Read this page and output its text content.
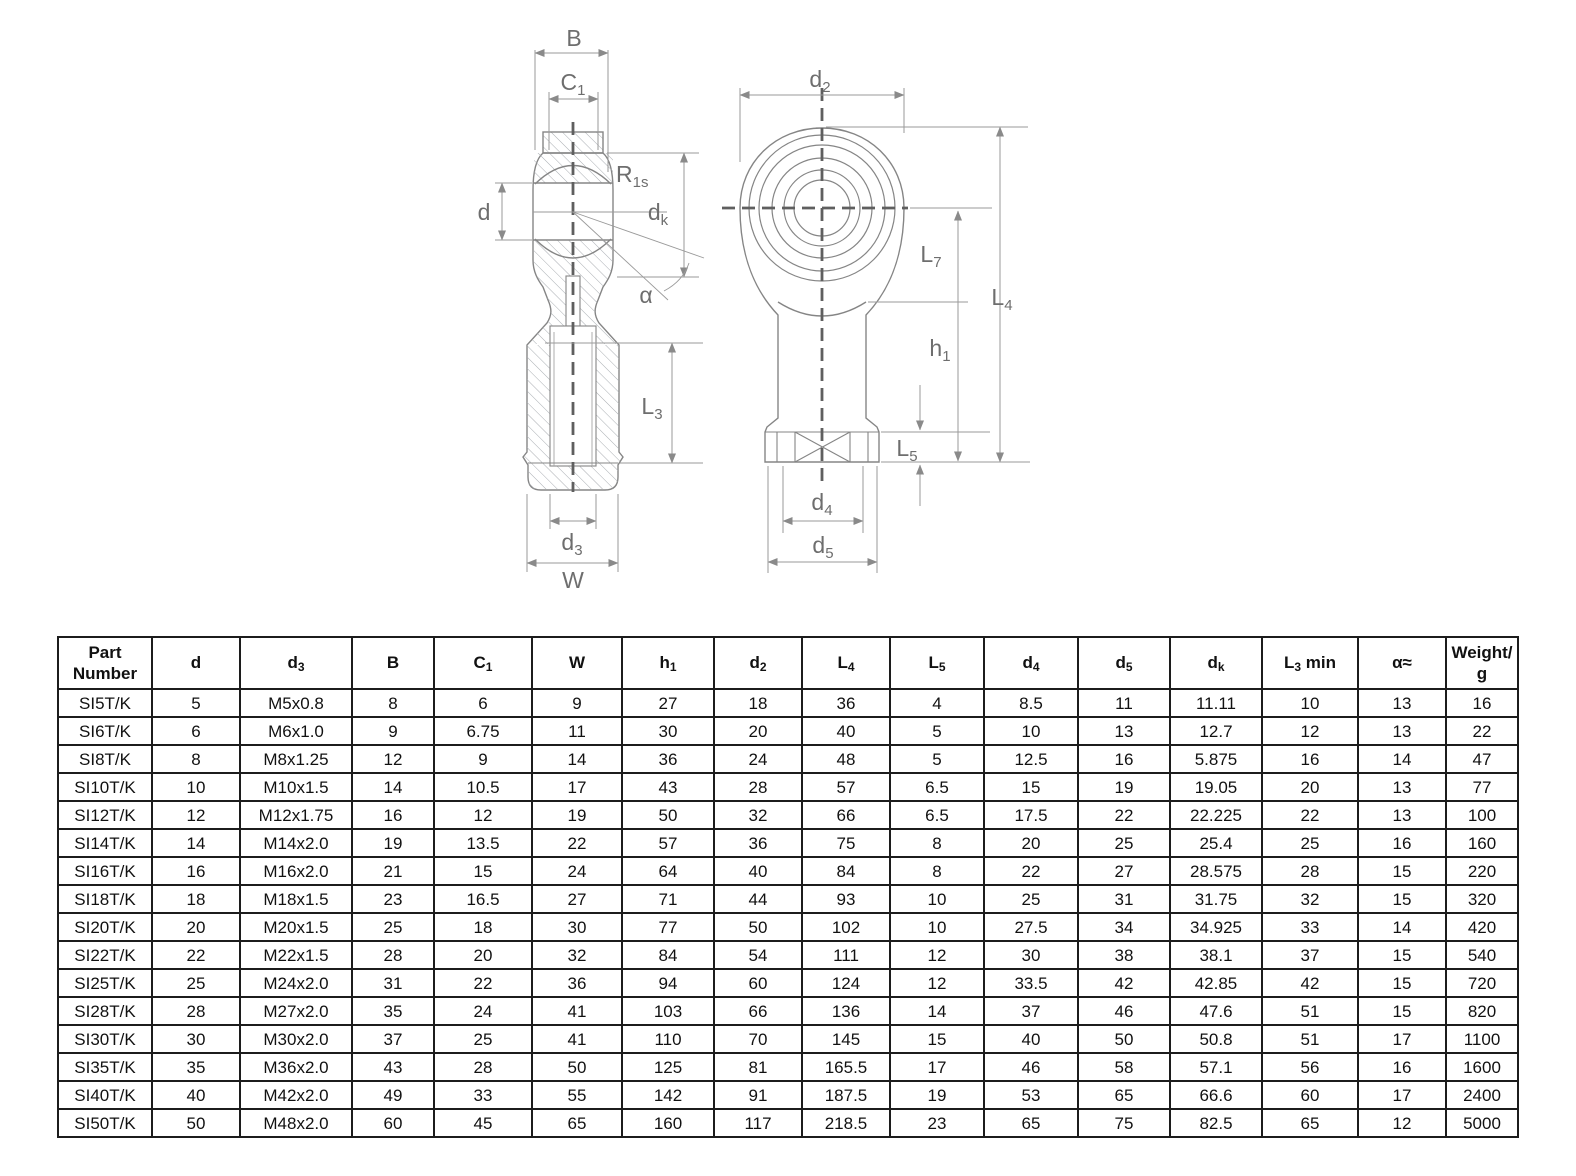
B
$C_1$
d
$R_{1s}$
$d_k$
α
$L_3$
$d_3$
W
$d_2$
$L_7$
$L_4$
$h_1$
$L_5$
$d_4$
$d_5$
Part
Number	d	$d_3$	B	$C_1$	W	$h_1$	$d_2$	$L_4$	$L_5$	$d_4$	$d_5$	$d_k$	$L_3$ min	α≈	Weight/
g

SI5T/K	5	M5x0.8	8	6	9	27	18	36	4	8.5	11	11.11	10	13	16
SI6T/K	6	M6x1.0	9	6.75	11	30	20	40	5	10	13	12.7	12	13	22
SI8T/K	8	M8x1.25	12	9	14	36	24	48	5	12.5	16	5.875	16	14	47
SI10T/K	10	M10x1.5	14	10.5	17	43	28	57	6.5	15	19	19.05	20	13	77
SI12T/K	12	M12x1.75	16	12	19	50	32	66	6.5	17.5	22	22.225	22	13	100
SI14T/K	14	M14x2.0	19	13.5	22	57	36	75	8	20	25	25.4	25	16	160
SI16T/K	16	M16x2.0	21	15	24	64	40	84	8	22	27	28.575	28	15	220
SI18T/K	18	M18x1.5	23	16.5	27	71	44	93	10	25	31	31.75	32	15	320
SI20T/K	20	M20x1.5	25	18	30	77	50	102	10	27.5	34	34.925	33	14	420
SI22T/K	22	M22x1.5	28	20	32	84	54	111	12	30	38	38.1	37	15	540
SI25T/K	25	M24x2.0	31	22	36	94	60	124	12	33.5	42	42.85	42	15	720
SI28T/K	28	M27x2.0	35	24	41	103	66	136	14	37	46	47.6	51	15	820
SI30T/K	30	M30x2.0	37	25	41	110	70	145	15	40	50	50.8	51	17	1100
SI35T/K	35	M36x2.0	43	28	50	125	81	165.5	17	46	58	57.1	56	16	1600
SI40T/K	40	M42x2.0	49	33	55	142	91	187.5	19	53	65	66.6	60	17	2400
SI50T/K	50	M48x2.0	60	45	65	160	117	218.5	23	65	75	82.5	65	12	5000
